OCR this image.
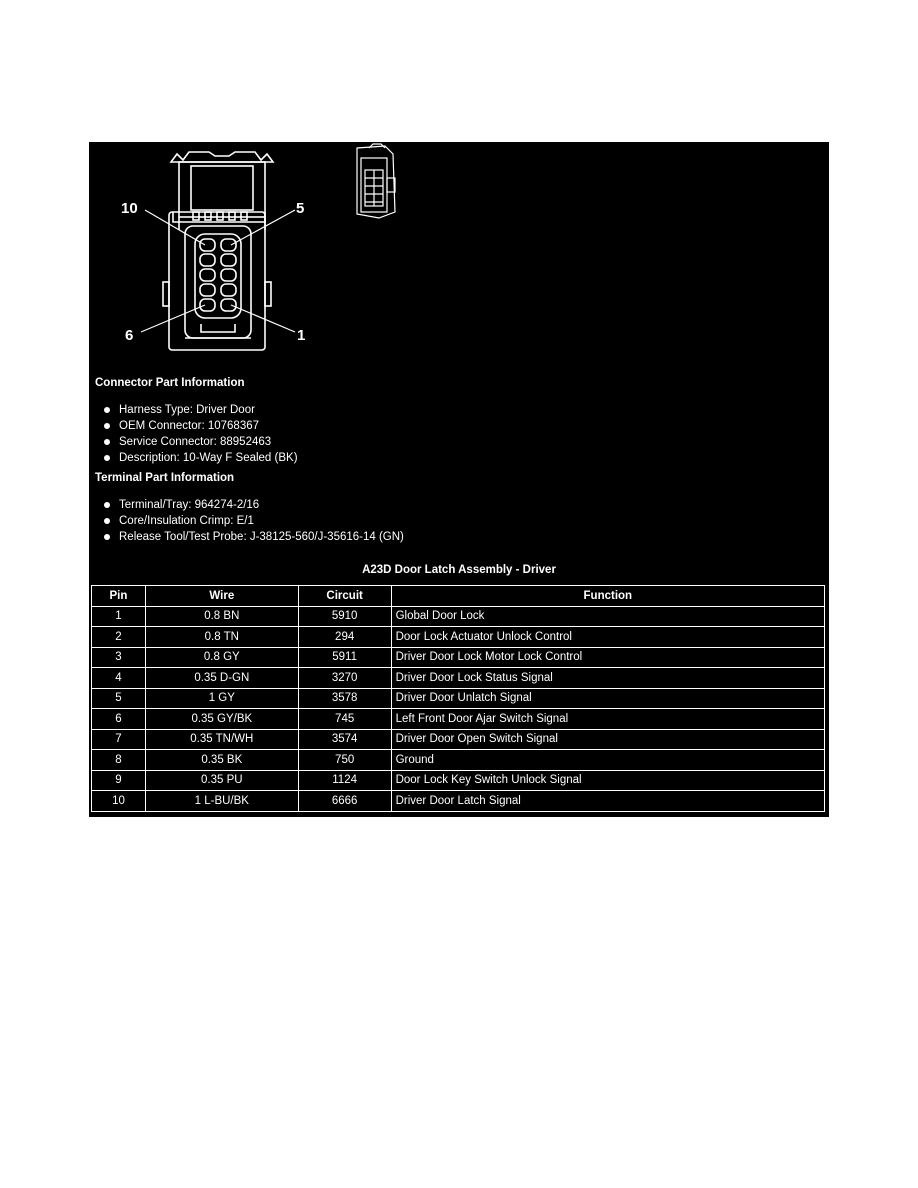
10	5
6	1
Connector Part Information
Harness Type: Driver Door
OEM Connector: 10768367
Service Connector: 88952463
Description: 10-Way F Sealed (BK)
Terminal Part Information
Terminal/Tray: 964274-2/16
Core/Insulation Crimp: E/1
Release Tool/Test Probe: J-38125-560/J-35616-14 (GN)
A23D Door Latch Assembly - Driver
Pin	Wire	Circuit	Function
1	0.8 BN	5910	Global Door Lock
2	0.8 TN	294	Door Lock Actuator Unlock Control
3	0.8 GY	5911	Driver Door Lock Motor Lock Control
4	0.35 D-GN	3270	Driver Door Lock Status Signal
5	1 GY	3578	Driver Door Unlatch Signal
6	0.35 GY/BK	745	Left Front Door Ajar Switch Signal
7	0.35 TN/WH	3574	Driver Door Open Switch Signal
8	0.35 BK	750	Ground
9	0.35 PU	1124	Door Lock Key Switch Unlock Signal
10	1 L-BU/BK	6666	Driver Door Latch Signal
